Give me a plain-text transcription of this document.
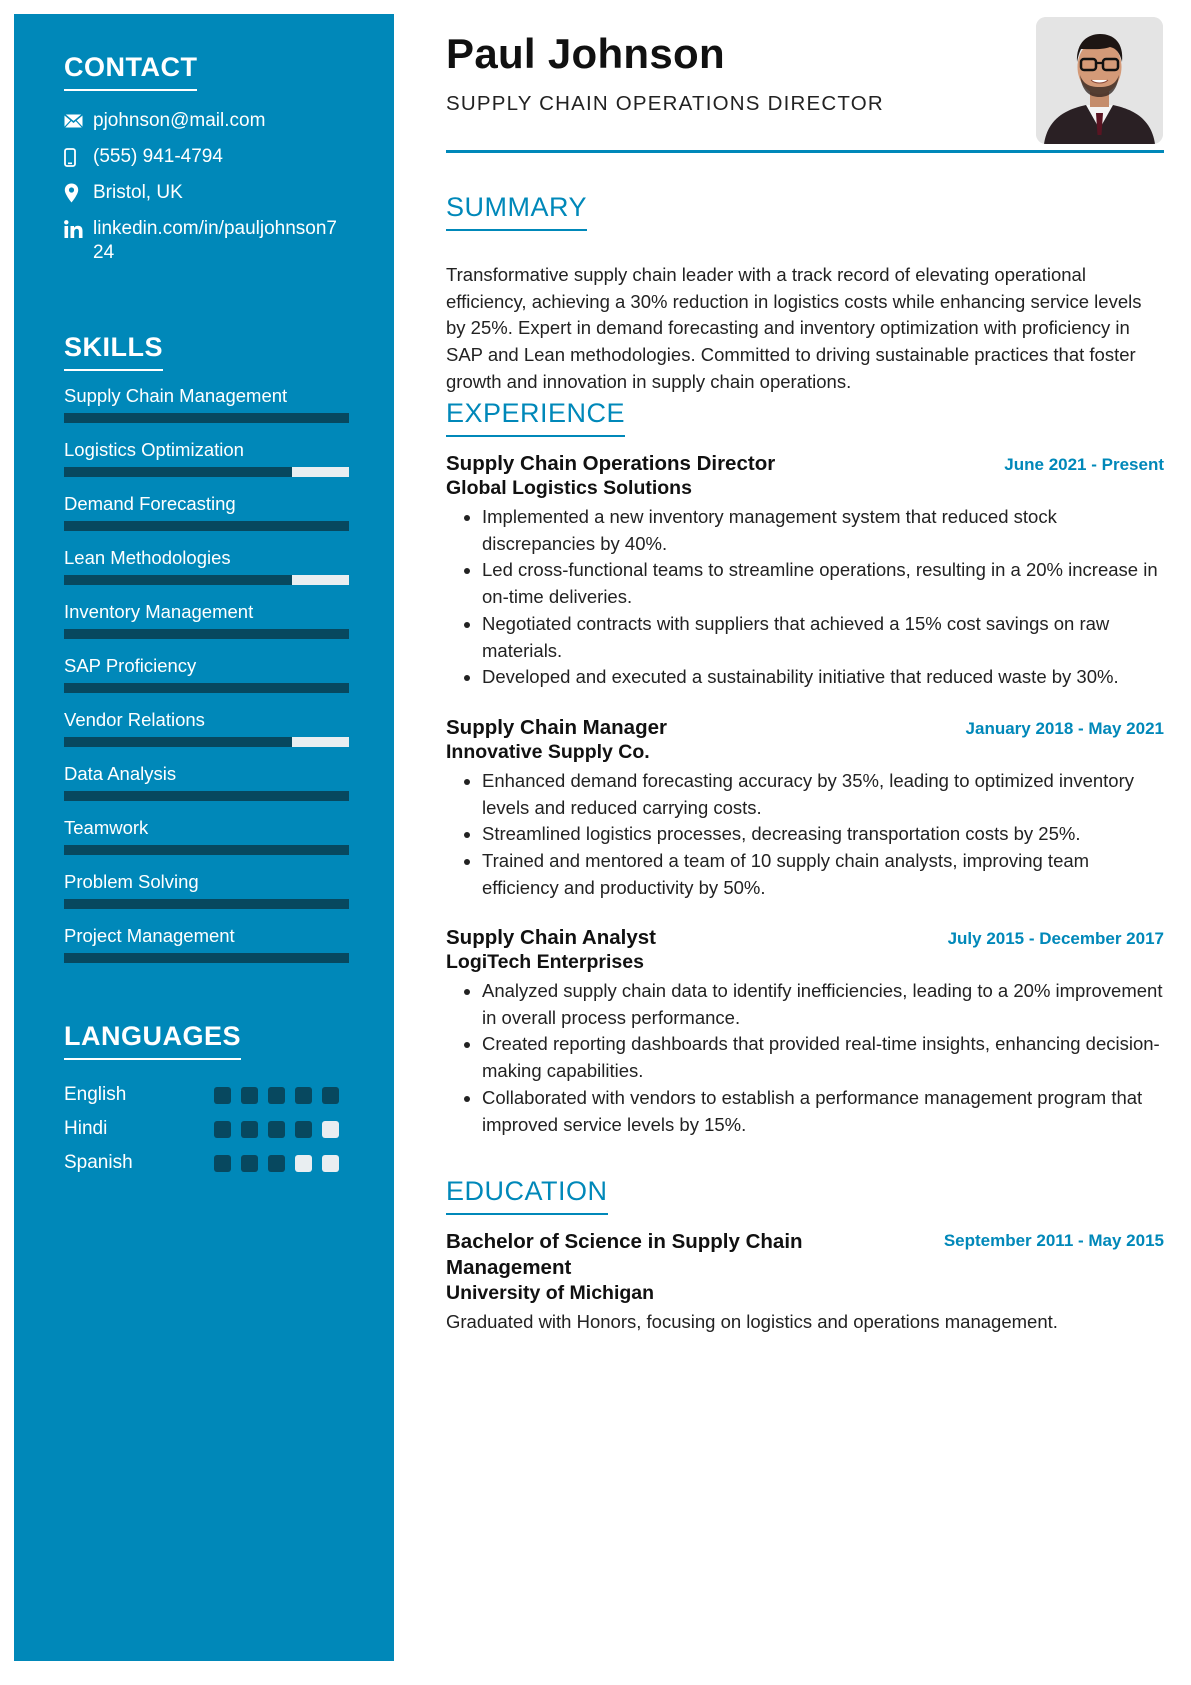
CONTACT
pjohnson@mail.com
(555) 941-4794
Bristol, UK
linkedin.com/in/pauljohnson724
SKILLS
Supply Chain Management
Logistics Optimization
Demand Forecasting
Lean Methodologies
Inventory Management
SAP Proficiency
Vendor Relations
Data Analysis
Teamwork
Problem Solving
Project Management
LANGUAGES
English
Hindi
Spanish
Paul Johnson
SUPPLY CHAIN OPERATIONS DIRECTOR
SUMMARY
Transformative supply chain leader with a track record of elevating operational efficiency, achieving a 30% reduction in logistics costs while enhancing service levels by 25%. Expert in demand forecasting and inventory optimization with proficiency in SAP and Lean methodologies. Committed to driving sustainable practices that foster growth and innovation in supply chain operations.
EXPERIENCE
Supply Chain Operations Director	June 2021 - Present
Global Logistics Solutions
• Implemented a new inventory management system that reduced stock discrepancies by 40%.
• Led cross-functional teams to streamline operations, resulting in a 20% increase in on-time deliveries.
• Negotiated contracts with suppliers that achieved a 15% cost savings on raw materials.
• Developed and executed a sustainability initiative that reduced waste by 30%.
Supply Chain Manager	January 2018 - May 2021
Innovative Supply Co.
• Enhanced demand forecasting accuracy by 35%, leading to optimized inventory levels and reduced carrying costs.
• Streamlined logistics processes, decreasing transportation costs by 25%.
• Trained and mentored a team of 10 supply chain analysts, improving team efficiency and productivity by 50%.
Supply Chain Analyst	July 2015 - December 2017
LogiTech Enterprises
• Analyzed supply chain data to identify inefficiencies, leading to a 20% improvement in overall process performance.
• Created reporting dashboards that provided real-time insights, enhancing decision-making capabilities.
• Collaborated with vendors to establish a performance management program that improved service levels by 15%.
EDUCATION
Bachelor of Science in Supply Chain Management
September 2011 - May 2015
University of Michigan
Graduated with Honors, focusing on logistics and operations management.
